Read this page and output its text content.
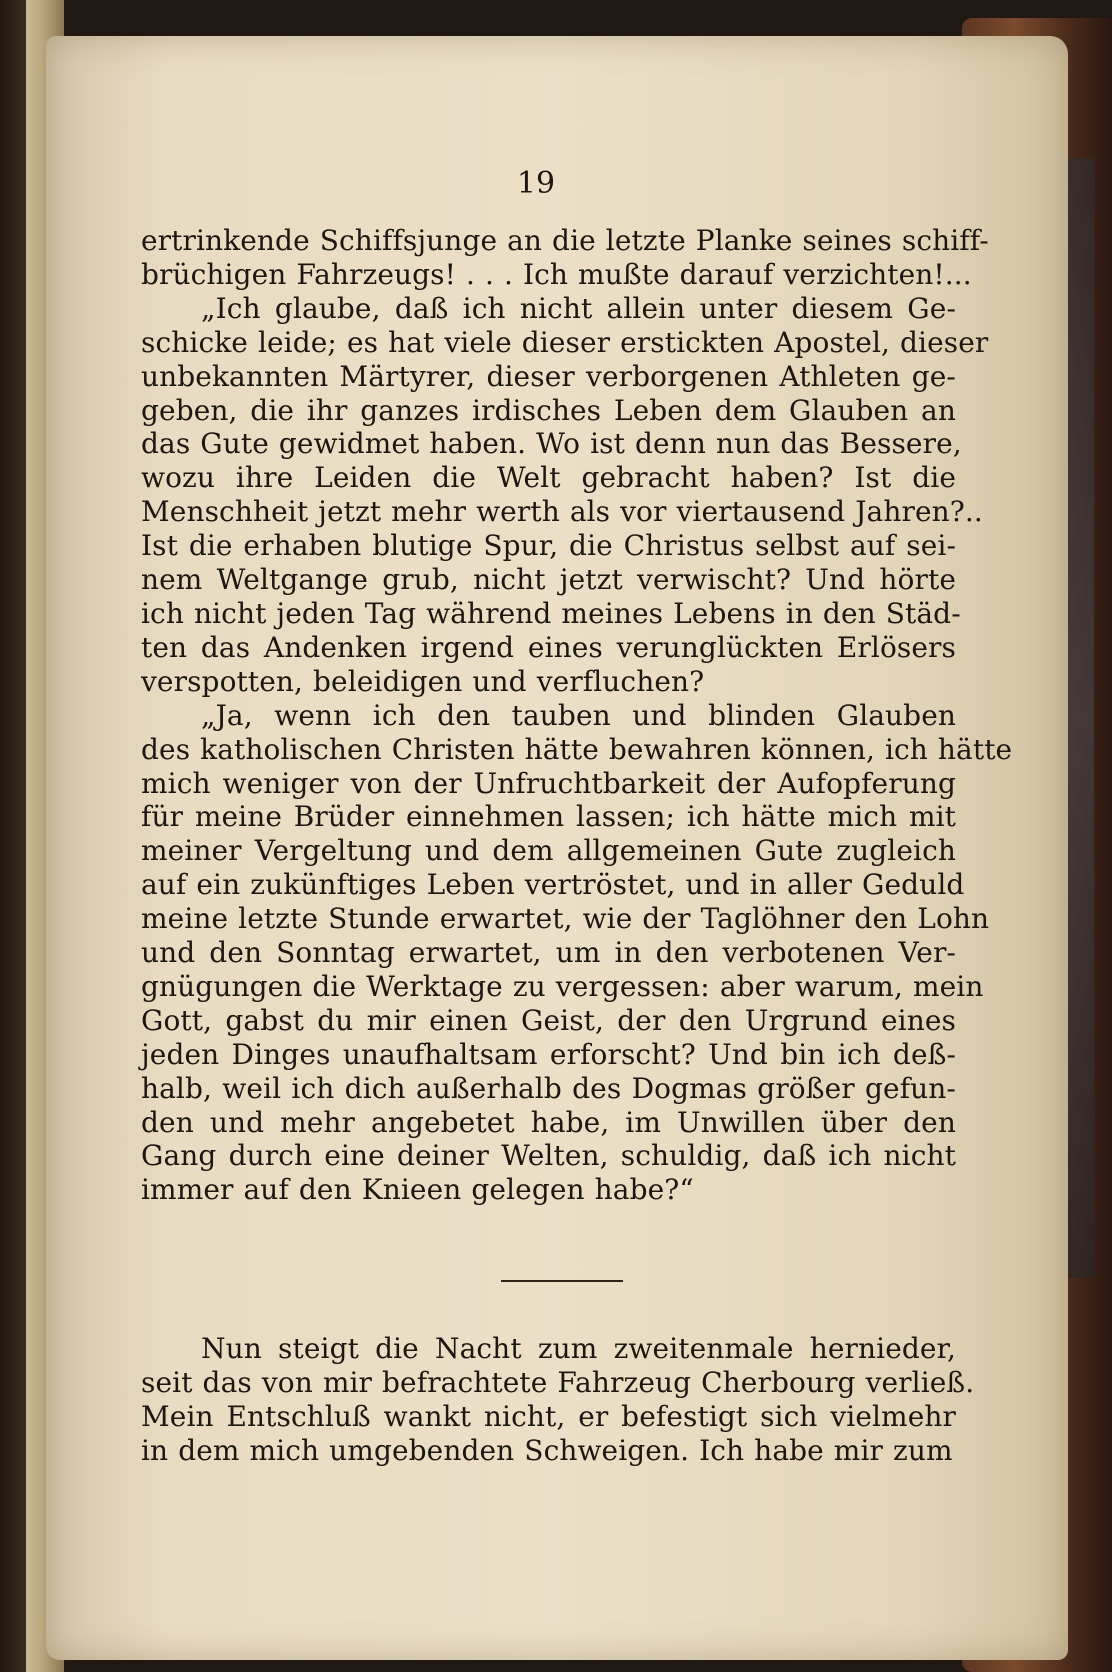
19

ertrinkende Schiffsjunge an die letzte Planke seines schiff-

brüchigen Fahrzeugs! . . . Ich mußte darauf verzichten!...

„Ich glaube, daß ich nicht allein unter diesem Ge-

schicke leide; es hat viele dieser erstickten Apostel, dieser

unbekannten Märtyrer, dieser verborgenen Athleten ge-

geben, die ihr ganzes irdisches Leben dem Glauben an

das Gute gewidmet haben. Wo ist denn nun das Bessere,

wozu ihre Leiden die Welt gebracht haben? Ist die

Menschheit jetzt mehr werth als vor viertausend Jahren?..

Ist die erhaben blutige Spur, die Christus selbst auf sei-

nem Weltgange grub, nicht jetzt verwischt? Und hörte

ich nicht jeden Tag während meines Lebens in den Städ-

ten das Andenken irgend eines verunglückten Erlösers

verspotten, beleidigen und verfluchen?

„Ja, wenn ich den tauben und blinden Glauben

des katholischen Christen hätte bewahren können, ich hätte

mich weniger von der Unfruchtbarkeit der Aufopferung

für meine Brüder einnehmen lassen; ich hätte mich mit

meiner Vergeltung und dem allgemeinen Gute zugleich

auf ein zukünftiges Leben vertröstet, und in aller Geduld

meine letzte Stunde erwartet, wie der Taglöhner den Lohn

und den Sonntag erwartet, um in den verbotenen Ver-

gnügungen die Werktage zu vergessen: aber warum, mein

Gott, gabst du mir einen Geist, der den Urgrund eines

jeden Dinges unaufhaltsam erforscht? Und bin ich deß-

halb, weil ich dich außerhalb des Dogmas größer gefun-

den und mehr angebetet habe, im Unwillen über den

Gang durch eine deiner Welten, schuldig, daß ich nicht

immer auf den Knieen gelegen habe?“

Nun steigt die Nacht zum zweitenmale hernieder,

seit das von mir befrachtete Fahrzeug Cherbourg verließ.

Mein Entschluß wankt nicht, er befestigt sich vielmehr

in dem mich umgebenden Schweigen. Ich habe mir zum
